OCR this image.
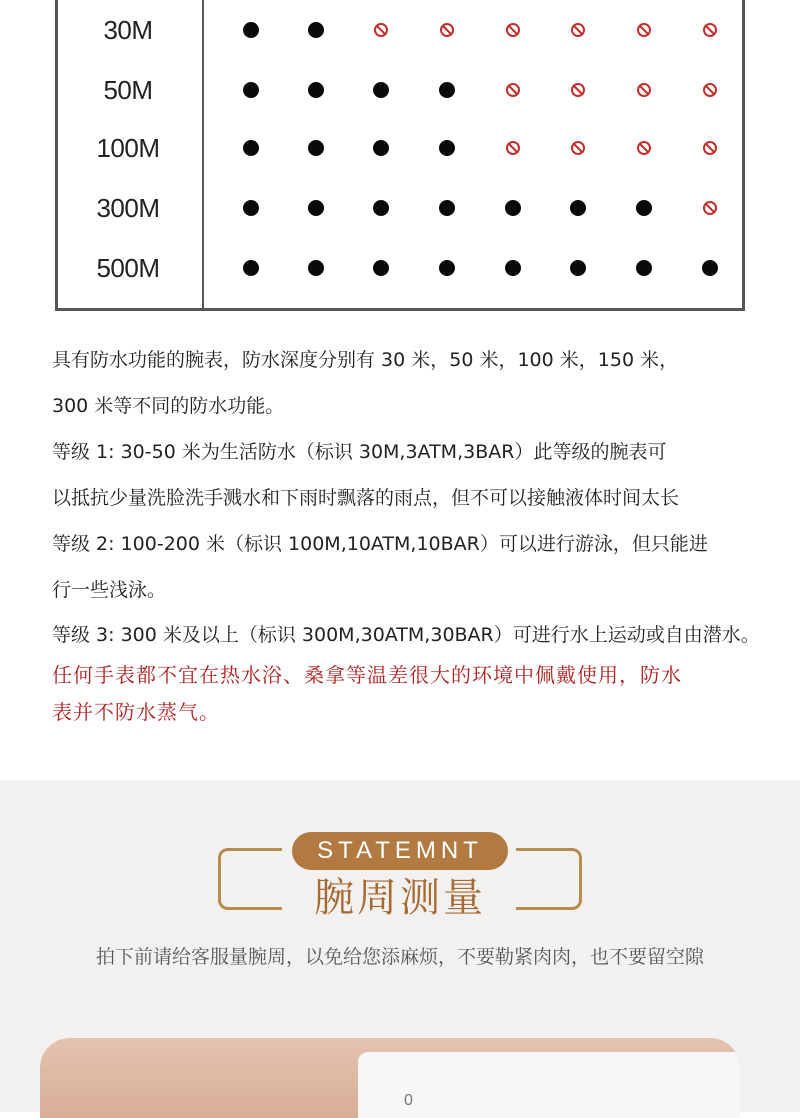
30M
50M
100M
300M
500M
具有防水功能的腕表，防水深度分别有 30 米，50 米，100 米，150 米，
300 米等不同的防水功能。
等级 1: 30-50 米为生活防水（标识 30M,3ATM,3BAR）此等级的腕表可
以抵抗少量洗脸洗手溅水和下雨时飘落的雨点，但不可以接触液体时间太长
等级 2: 100-200 米（标识 100M,10ATM,10BAR）可以进行游泳，但只能进
行一些浅泳。
等级 3: 300 米及以上（标识 300M,30ATM,30BAR）可进行水上运动或自由潜水。
任何手表都不宜在热水浴、桑拿等温差很大的环境中佩戴使用，防水
表并不防水蒸气。
STATEMNT
腕周测量
拍下前请给客服量腕周，以免给您添麻烦，不要勒紧肉肉，也不要留空隙
0
